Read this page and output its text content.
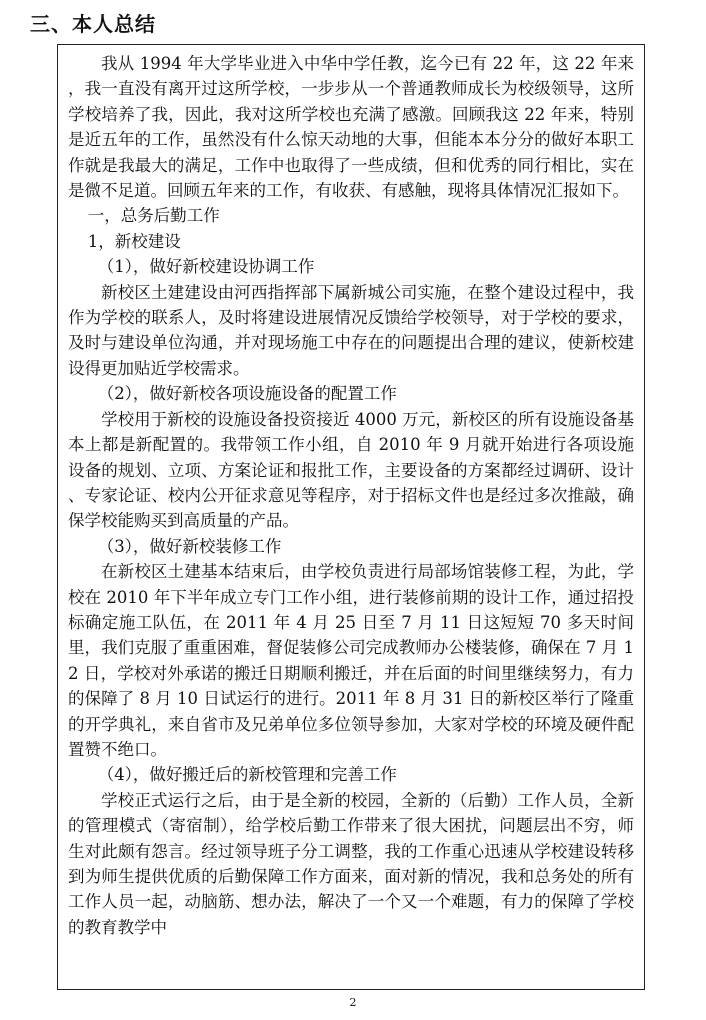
三、本人总结

我从 1994 年大学毕业进入中华中学任教，迄今已有 22 年，这 22 年来，我一直没有离开过这所学校，一步步从一个普通教师成长为校级领导，这所学校培养了我，因此，我对这所学校也充满了感激。回顾我这 22 年来，特别是近五年的工作，虽然没有什么惊天动地的大事，但能本本分分的做好本职工作就是我最大的满足，工作中也取得了一些成绩，但和优秀的同行相比，实在是微不足道。回顾五年来的工作，有收获、有感触，现将具体情况汇报如下。

一，总务后勤工作

1，新校建设

（1），做好新校建设协调工作

新校区土建建设由河西指挥部下属新城公司实施，在整个建设过程中，我作为学校的联系人，及时将建设进展情况反馈给学校领导，对于学校的要求，及时与建设单位沟通，并对现场施工中存在的问题提出合理的建议，使新校建设得更加贴近学校需求。

（2），做好新校各项设施设备的配置工作

学校用于新校的设施设备投资接近 4000 万元，新校区的所有设施设备基本上都是新配置的。我带领工作小组，自 2010 年 9 月就开始进行各项设施设备的规划、立项、方案论证和报批工作，主要设备的方案都经过调研、设计、专家论证、校内公开征求意见等程序，对于招标文件也是经过多次推敲，确保学校能购买到高质量的产品。

（3），做好新校装修工作

在新校区土建基本结束后，由学校负责进行局部场馆装修工程，为此，学校在 2010 年下半年成立专门工作小组，进行装修前期的设计工作，通过招投标确定施工队伍，在 2011 年 4 月 25 日至 7 月 11 日这短短 70 多天时间里，我们克服了重重困难，督促装修公司完成教师办公楼装修，确保在 7 月 12 日，学校对外承诺的搬迁日期顺利搬迁，并在后面的时间里继续努力，有力的保障了 8 月 10 日试运行的进行。2011 年 8 月 31 日的新校区举行了隆重的开学典礼，来自省市及兄弟单位多位领导参加，大家对学校的环境及硬件配置赞不绝口。

（4），做好搬迁后的新校管理和完善工作

学校正式运行之后，由于是全新的校园，全新的（后勤）工作人员，全新的管理模式（寄宿制），给学校后勤工作带来了很大困扰，问题层出不穷，师生对此颇有怨言。经过领导班子分工调整，我的工作重心迅速从学校建设转移到为师生提供优质的后勤保障工作方面来，面对新的情况，我和总务处的所有工作人员一起，动脑筋、想办法，解决了一个又一个难题，有力的保障了学校的教育教学中

2
